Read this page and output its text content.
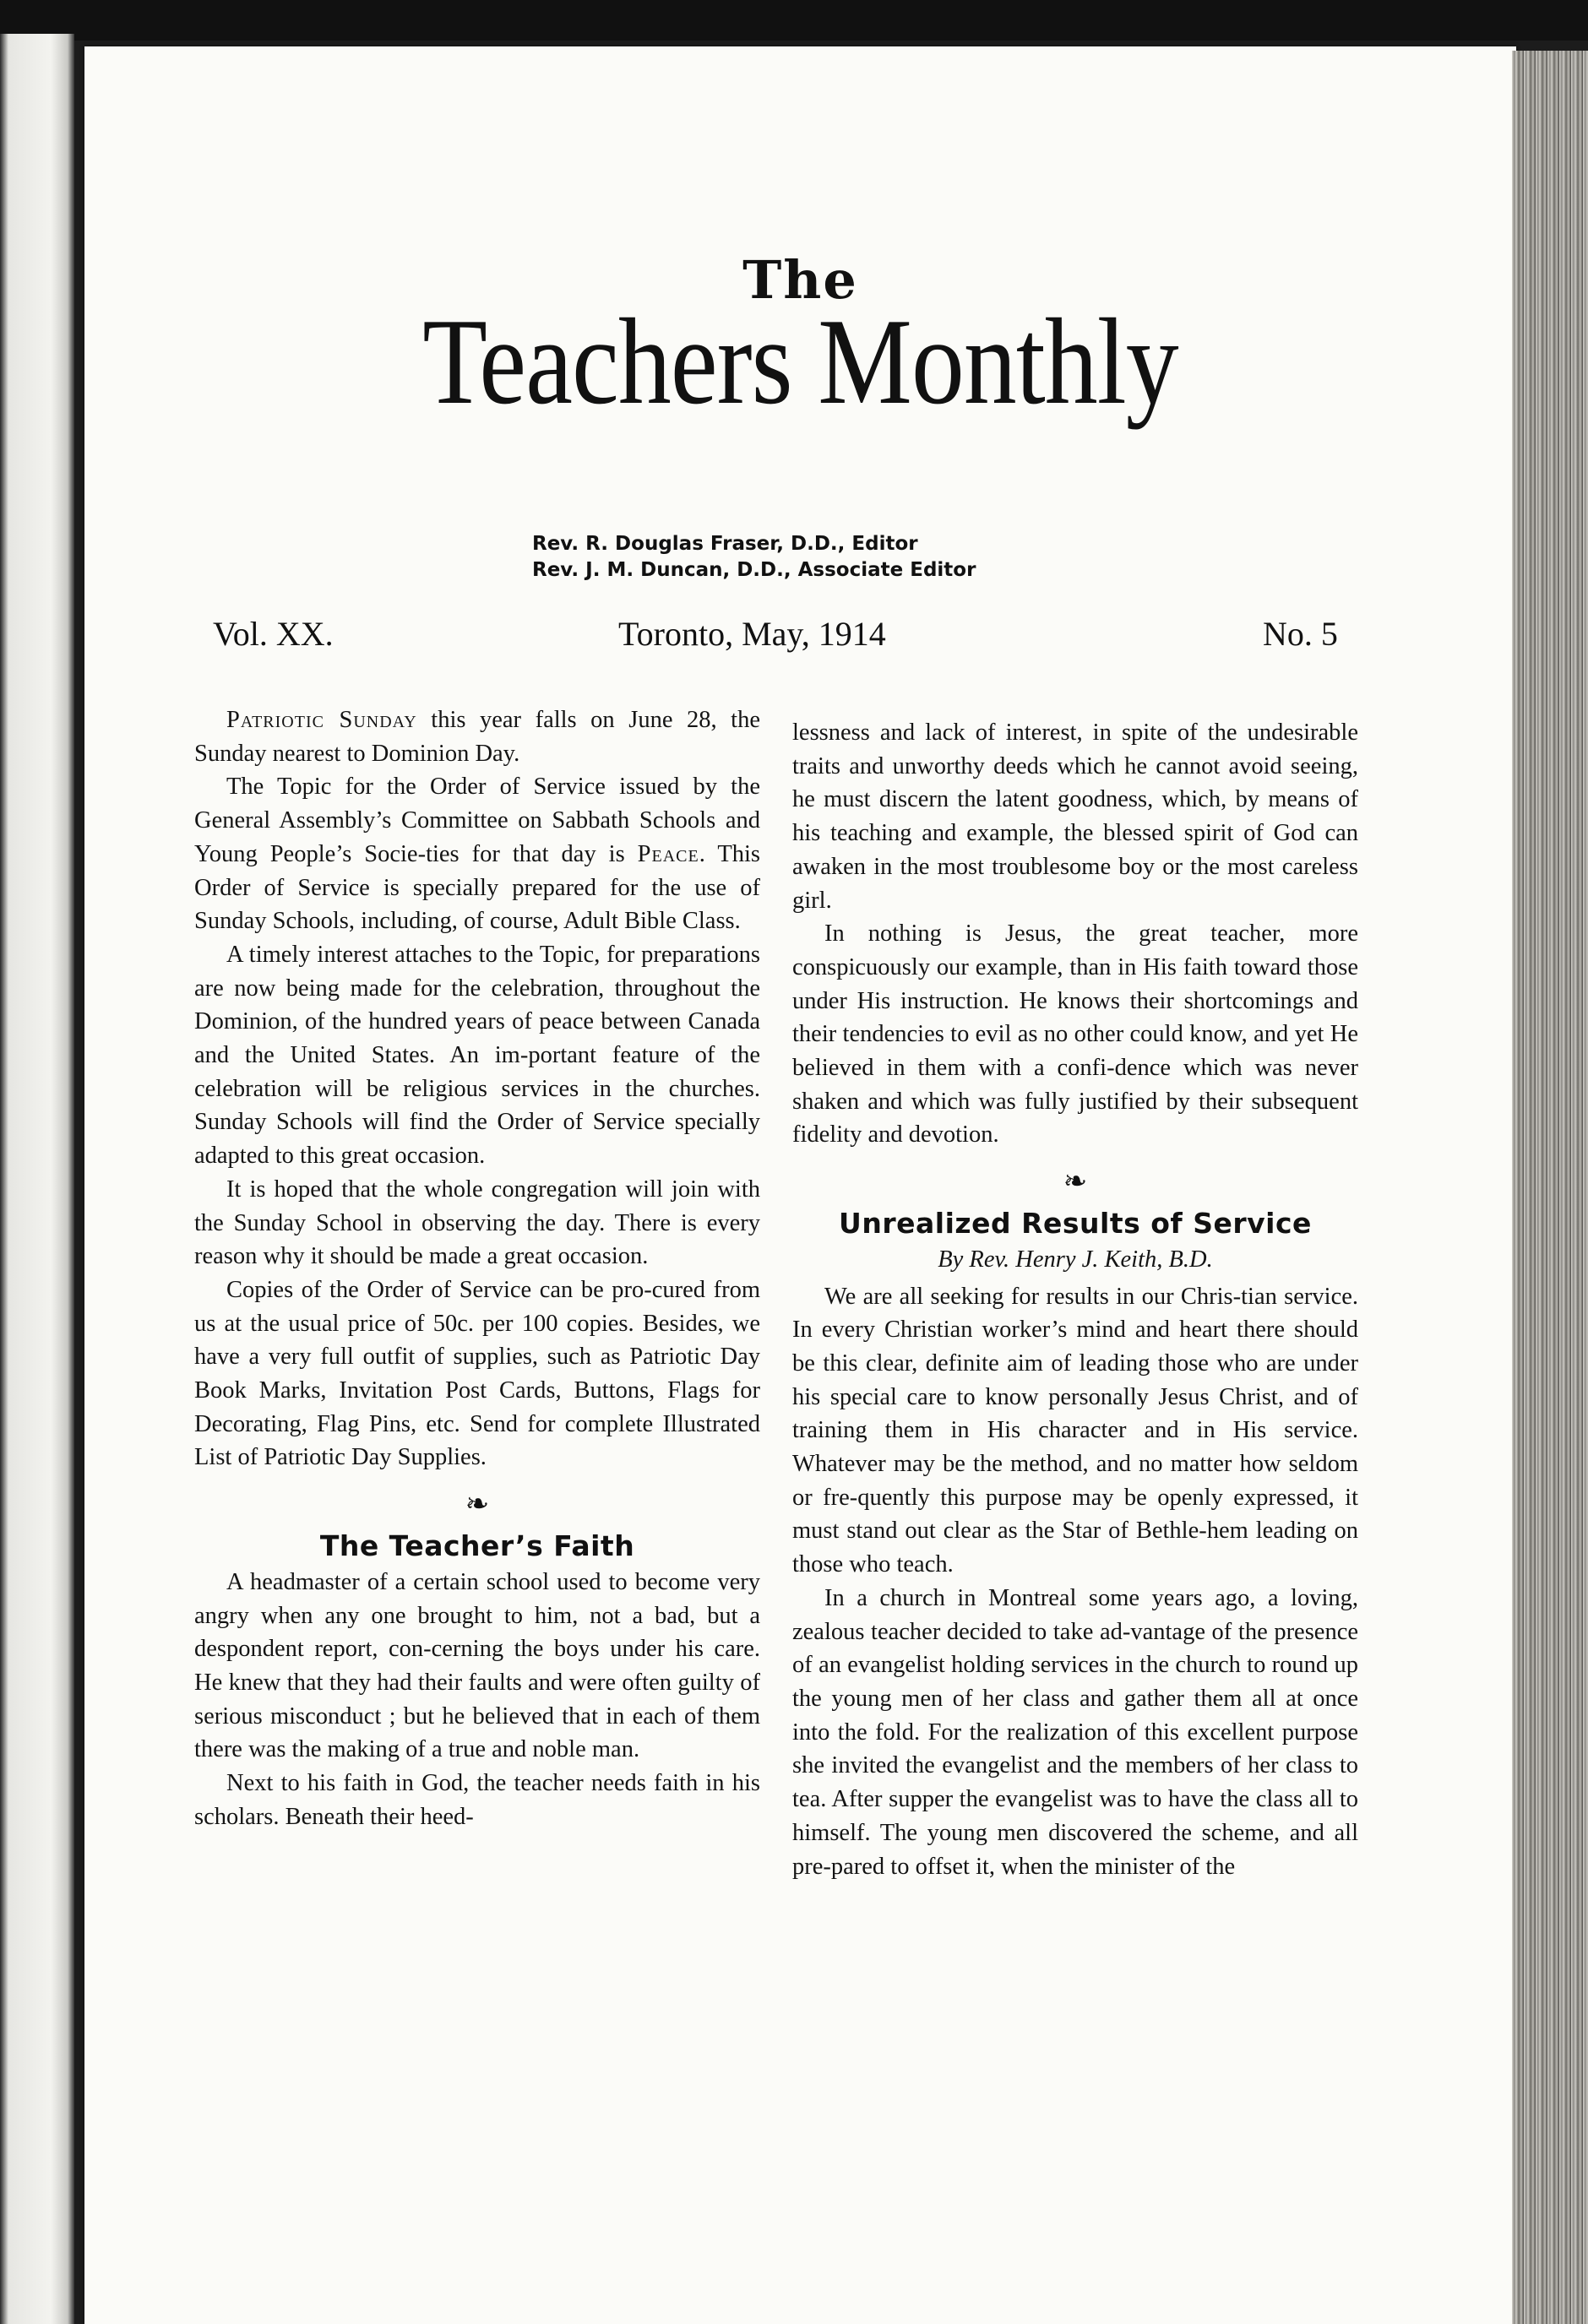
The
Teachers Monthly
Rev. R. Douglas Fraser, D.D., Editor
Rev. J. M. Duncan, D.D., Associate Editor
Vol. XX.	Toronto, May, 1914	No. 5

Patriotic Sunday this year falls on June 28, the Sunday nearest to Dominion Day.

The Topic for the Order of Service issued by the General Assembly’s Committee on Sabbath Schools and Young People’s Socie-ties for that day is Peace. This Order of Service is specially prepared for the use of Sunday Schools, including, of course, Adult Bible Class.

A timely interest attaches to the Topic, for preparations are now being made for the celebration, throughout the Dominion, of the hundred years of peace between Canada and the United States. An im-portant feature of the celebration will be religious services in the churches. Sunday Schools will find the Order of Service specially adapted to this great occasion.

It is hoped that the whole congregation will join with the Sunday School in observing the day. There is every reason why it should be made a great occasion.

Copies of the Order of Service can be pro-cured from us at the usual price of 50c. per 100 copies. Besides, we have a very full outfit of supplies, such as Patriotic Day Book Marks, Invitation Post Cards, Buttons, Flags for Decorating, Flag Pins, etc. Send for complete Illustrated List of Patriotic Day Supplies.

❧
The Teacher’s Faith

A headmaster of a certain school used to become very angry when any one brought to him, not a bad, but a despondent report, con-cerning the boys under his care. He knew that they had their faults and were often guilty of serious misconduct ; but he believed that in each of them there was the making of a true and noble man.

Next to his faith in God, the teacher needs faith in his scholars. Beneath their heed-

lessness and lack of interest, in spite of the undesirable traits and unworthy deeds which he cannot avoid seeing, he must discern the latent goodness, which, by means of his teaching and example, the blessed spirit of God can awaken in the most troublesome boy or the most careless girl.

In nothing is Jesus, the great teacher, more conspicuously our example, than in His faith toward those under His instruction. He knows their shortcomings and their tendencies to evil as no other could know, and yet He believed in them with a confi-dence which was never shaken and which was fully justified by their subsequent fidelity and devotion.

❧
Unrealized Results of Service

By Rev. Henry J. Keith, B.D.

We are all seeking for results in our Chris-tian service. In every Christian worker’s mind and heart there should be this clear, definite aim of leading those who are under his special care to know personally Jesus Christ, and of training them in His character and in His service. Whatever may be the method, and no matter how seldom or fre-quently this purpose may be openly expressed, it must stand out clear as the Star of Bethle-hem leading on those who teach.

In a church in Montreal some years ago, a loving, zealous teacher decided to take ad-vantage of the presence of an evangelist holding services in the church to round up the young men of her class and gather them all at once into the fold. For the realization of this excellent purpose she invited the evangelist and the members of her class to tea. After supper the evangelist was to have the class all to himself. The young men discovered the scheme, and all pre-pared to offset it, when the minister of the
